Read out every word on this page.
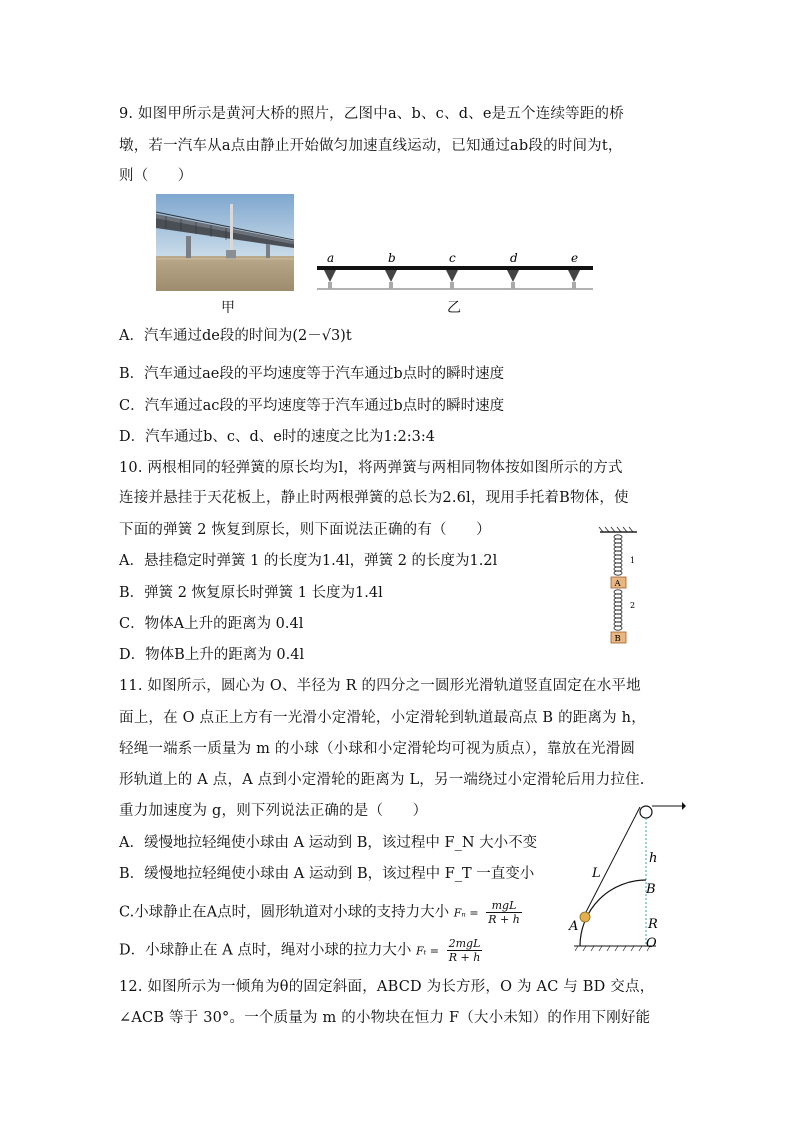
9. 如图甲所示是黄河大桥的照片，乙图中a、b、c、d、e是五个连续等距的桥
墩，若一汽车从a点由静止开始做匀加速直线运动，已知通过ab段的时间为t，
则（　　）
甲
a	b	c	d	e
乙
A．汽车通过de段的时间为(2－√3)t
B．汽车通过ae段的平均速度等于汽车通过b点时的瞬时速度
C．汽车通过ac段的平均速度等于汽车通过b点时的瞬时速度
D．汽车通过b、c、d、e时的速度之比为1:2:3:4
10. 两根相同的轻弹簧的原长均为l，将两弹簧与两相同物体按如图所示的方式
连接并悬挂于天花板上，静止时两根弹簧的总长为2.6l，现用手托着B物体，使
下面的弹簧 2 恢复到原长，则下面说法正确的有（　　）
A．悬挂稳定时弹簧 1 的长度为1.4l，弹簧 2 的长度为1.2l
B．弹簧 2 恢复原长时弹簧 1 长度为1.4l
C．物体A上升的距离为 0.4l
D．物体B上升的距离为 0.4l
A
B
1
2
11. 如图所示，圆心为 O、半径为 R 的四分之一圆形光滑轨道竖直固定在水平地
面上，在 O 点正上方有一光滑小定滑轮，小定滑轮到轨道最高点 B 的距离为 h，
轻绳一端系一质量为 m 的小球（小球和小定滑轮均可视为质点），靠放在光滑圆
形轨道上的 A 点，A 点到小定滑轮的距离为 L，另一端绕过小定滑轮后用力拉住.
重力加速度为 g，则下列说法正确的是（　　）
A．缓慢地拉轻绳使小球由 A 运动到 B，该过程中 F_N 大小不变
B．缓慢地拉轻绳使小球由 A 运动到 B，该过程中 F_T 一直变小
C.小球静止在A点时，圆形轨道对小球的支持力大小 Fₙ =
mgL
R + h
D．小球静止在 A 点时，绳对小球的拉力大小 Fₜ =
2mgL
R + h
L
h
B
R
A
O
12. 如图所示为一倾角为θ的固定斜面，ABCD 为长方形，O 为 AC 与 BD 交点，
∠ACB 等于 30°。一个质量为 m 的小物块在恒力 F（大小未知）的作用下刚好能
